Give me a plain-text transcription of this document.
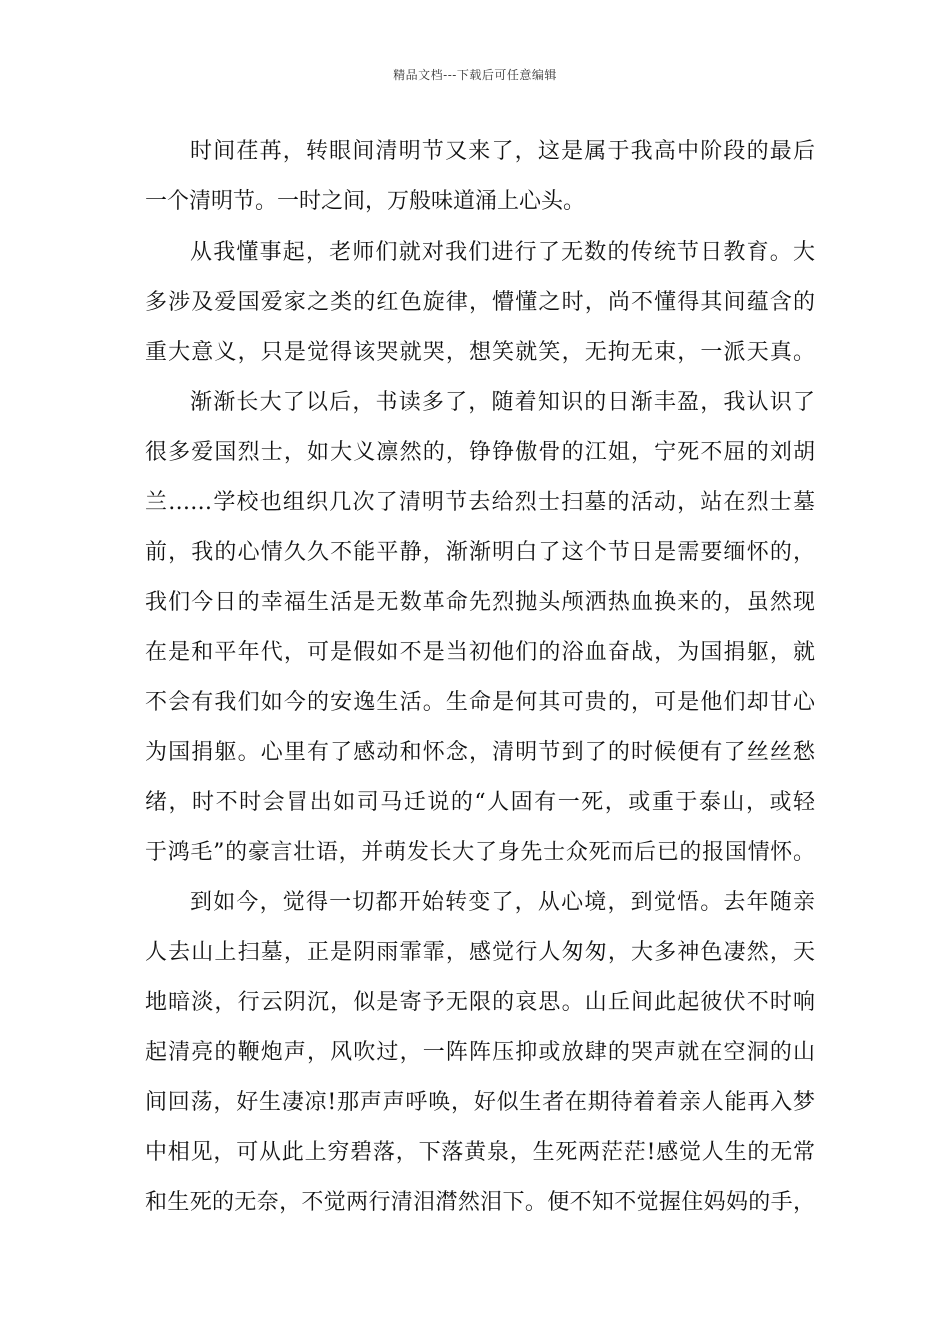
精品文档---下载后可任意编辑
时间荏苒，转眼间清明节又来了，这是属于我高中阶段的最后
一个清明节。一时之间，万般味道涌上心头。
从我懂事起，老师们就对我们进行了无数的传统节日教育。大
多涉及爱国爱家之类的红色旋律，懵懂之时，尚不懂得其间蕴含的
重大意义，只是觉得该哭就哭，想笑就笑，无拘无束，一派天真。
渐渐长大了以后，书读多了，随着知识的日渐丰盈，我认识了
很多爱国烈士，如大义凛然的，铮铮傲骨的江姐，宁死不屈的刘胡
兰……学校也组织几次了清明节去给烈士扫墓的活动，站在烈士墓
前，我的心情久久不能平静，渐渐明白了这个节日是需要缅怀的，
我们今日的幸福生活是无数革命先烈抛头颅洒热血换来的，虽然现
在是和平年代，可是假如不是当初他们的浴血奋战，为国捐躯，就
不会有我们如今的安逸生活。生命是何其可贵的，可是他们却甘心
为国捐躯。心里有了感动和怀念，清明节到了的时候便有了丝丝愁
绪，时不时会冒出如司马迁说的“人固有一死，或重于泰山，或轻
于鸿毛”的豪言壮语，并萌发长大了身先士众死而后已的报国情怀。
到如今，觉得一切都开始转变了，从心境，到觉悟。去年随亲
人去山上扫墓，正是阴雨霏霏，感觉行人匆匆，大多神色凄然，天
地暗淡，行云阴沉，似是寄予无限的哀思。山丘间此起彼伏不时响
起清亮的鞭炮声，风吹过，一阵阵压抑或放肆的哭声就在空洞的山
间回荡，好生凄凉!那声声呼唤，好似生者在期待着着亲人能再入梦
中相见，可从此上穷碧落，下落黄泉，生死两茫茫!感觉人生的无常
和生死的无奈，不觉两行清泪潸然泪下。便不知不觉握住妈妈的手，
